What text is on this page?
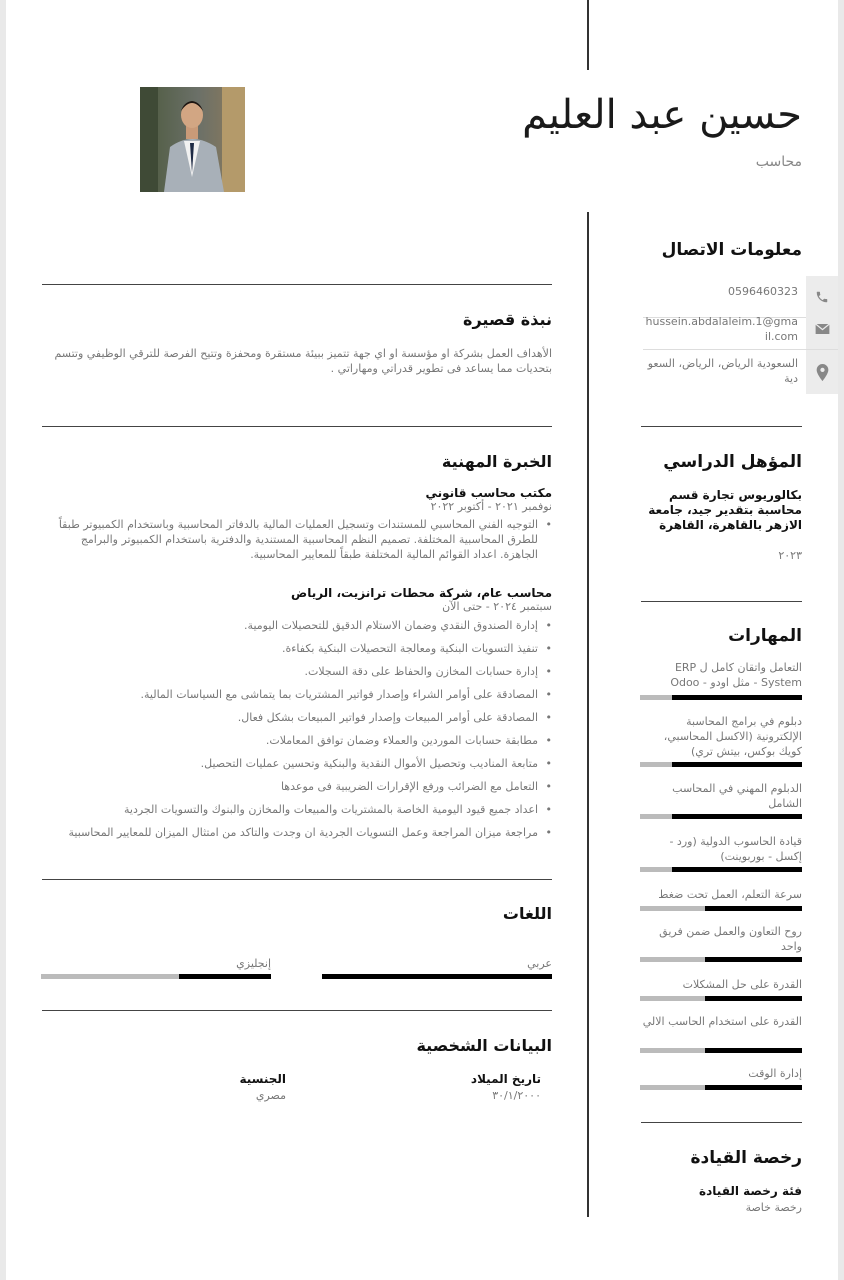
حسين عبد العليم
محاسب
معلومات الاتصال
0596460323
hussein.abdalaleim.1@gmail.com
السعودية الرياض، الرياض، السعودية
المؤهل الدراسي
بكالوريوس تجارة قسم محاسبة بتقدير جيد، جامعة الازهر بالقاهرة، القاهرة
٢٠٢٣
المهارات
التعامل واتقان كامل ل ERP System - مثل اودو - Odoo
دبلوم في برامج المحاسبة الإلكترونية (الاكسل المحاسبي، كويك بوكس، بيتش تري)
الدبلوم المهني في المحاسب الشامل
قيادة الحاسوب الدولية (ورد - إكسل - بوربوينت)
سرعة التعلم، العمل تحت ضغط
روح التعاون والعمل ضمن فريق واحد
القدرة على حل المشكلات
القدرة على استخدام الحاسب الالي
إدارة الوقت
رخصة القيادة
فئة رخصة القيادة
رخصة خاصة
نبذة قصيرة
الأهداف العمل بشركة او مؤسسة او اي جهة تتميز ببيئة مستقرة ومحفزة وتتيح الفرصة للترقي الوظيفي وتتسم بتحديات مما يساعد فى تطوير قدراتي ومهاراتي .
الخبرة المهنية
مكتب محاسب قانوني
نوفمبر ٢٠٢١ - أكتوبر ٢٠٢٢
• التوجيه الفني المحاسبي للمستندات وتسجيل العمليات المالية بالدفاتر المحاسبية وباستخدام الكمبيوتر طبقاً للطرق المحاسبية المختلفة. تصميم النظم المحاسبية المستندية والدفترية باستخدام الكمبيوتر والبرامج الجاهزة. اعداد القوائم المالية المختلفة طبقاً للمعايير المحاسبية.
محاسب عام، شركة محطات ترانزيت، الرياض
سبتمبر ٢٠٢٤ - حتى الآن
• إدارة الصندوق النقدي وضمان الاستلام الدقيق للتحصيلات اليومية.
• تنفيذ التسويات البنكية ومعالجة التحصيلات البنكية بكفاءة.
• إدارة حسابات المخازن والحفاظ على دقة السجلات.
• المصادقة على أوامر الشراء وإصدار فواتير المشتريات بما يتماشى مع السياسات المالية.
• المصادقة على أوامر المبيعات وإصدار فواتير المبيعات بشكل فعال.
• مطابقة حسابات الموردين والعملاء وضمان توافق المعاملات.
• متابعة المناديب وتحصيل الأموال النقدية والبنكية وتحسين عمليات التحصيل.
• التعامل مع الضرائب ورفع الإقرارات الضريبية فى موعدها
• اعداد جميع قيود اليومية الخاصة بالمشتريات والمبيعات والمخازن والبنوك والتسويات الجردية
• مراجعة ميزان المراجعة وعمل التسويات الجردية ان وجدت والتاكد من امتثال الميزان للمعايير المحاسبية
اللغات
عربي
إنجليزي
البيانات الشخصية
تاريخ الميلاد
٣٠/١/٢٠٠٠
الجنسية
مصري
